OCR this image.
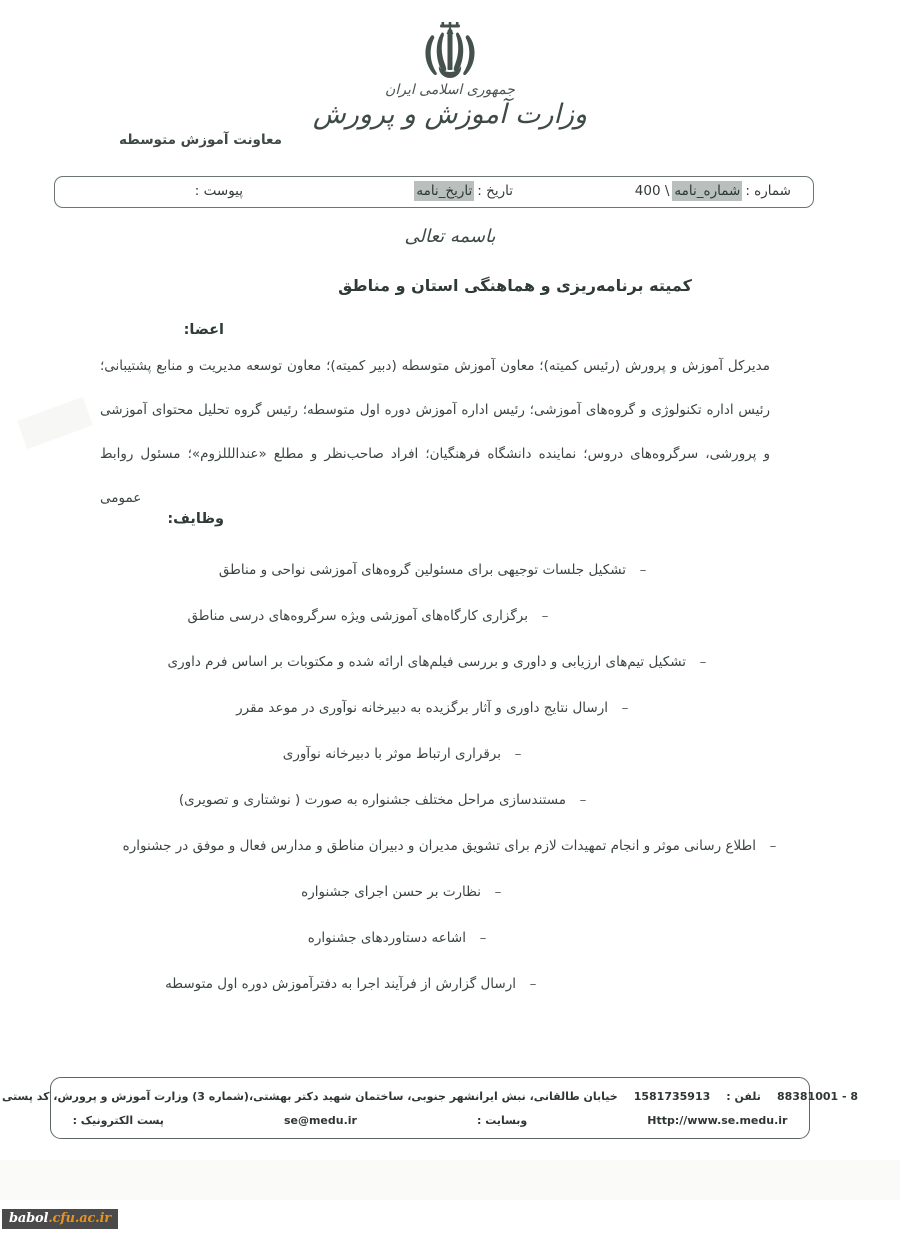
جمهوری اسلامی ایران
وزارت آموزش و پرورش
معاونت آموزش متوسطه
شماره :
شماره_نامه
400 \
تاریخ :
تاریخ_نامه
پیوست :
باسمه تعالی
کمیته برنامه‌ریزی و هماهنگی استان و مناطق
اعضا:
مدیرکل آموزش و پرورش (رئیس کمیته)؛ معاون آموزش متوسطه (دبیر کمیته)؛ معاون توسعه مدیریت و منابع پشتیبانی؛ رئیس اداره تکنولوژی و گروه‌های آموزشی؛ رئیس اداره آموزش دوره اول متوسطه؛ رئیس گروه تحلیل محتوای آموزشی و پرورشی، سرگروه‌های دروس؛ نماینده دانشگاه فرهنگیان؛ افراد صاحب‌نظر و مطلع «عندالللزوم»؛ مسئول روابط عمومی
وظایف:
–
تشکیل جلسات توجیهی برای مسئولین گروه‌های آموزشی نواحی و مناطق
–
برگزاری کارگاه‌های آموزشی ویژه سرگروه‌های درسی مناطق
–
تشکیل تیم‌های ارزیابی و داوری و بررسی فیلم‌های ارائه شده و مکتوبات بر اساس فرم داوری
–
ارسال نتایج داوری و آثار برگزیده به دبیرخانه نوآوری در موعد مقرر
–
برقراری ارتباط موثر با دبیرخانه نوآوری
–
مستندسازی مراحل مختلف جشنواره به صورت ( نوشتاری و تصویری)
–
اطلاع رسانی موثر و انجام تمهیدات لازم برای تشویق مدیران و دبیران مناطق و مدارس فعال و موفق در جشنواره
–
نظارت بر حسن اجرای جشنواره
–
اشاعه دستاوردهای جشنواره
–
ارسال گزارش از فرآیند اجرا به دفترآموزش دوره اول متوسطه
88381001 - 8
تلفن :
1581735913
خیابان طالقانی، نبش ایرانشهر جنوبی، ساختمان شهید دکتر بهشتی،(شماره 3) وزارت آموزش و پرورش، کد پستی
Http://www.se.medu.ir
وبسایت :
se@medu.ir
پست الکترونیک :
babol.cfu.ac.ir
